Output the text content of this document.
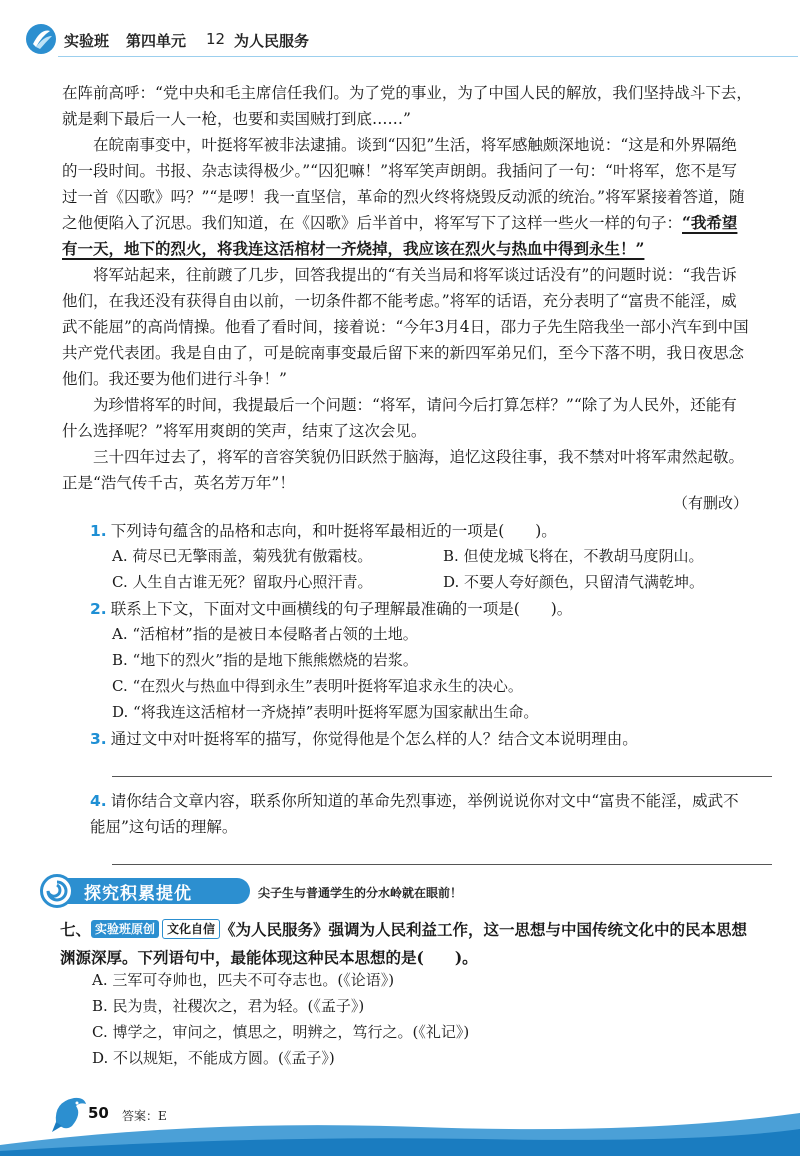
实验班 第四单元 12 为人民服务

在阵前高呼：“党中央和毛主席信任我们。为了党的事业，为了中国人民的解放，我们坚持战斗下去，就是剩下最后一人一枪，也要和卖国贼打到底……”

在皖南事变中，叶挺将军被非法逮捕。谈到“囚犯”生活，将军感触颇深地说：“这是和外界隔绝的一段时间。书报、杂志读得极少。”“囚犯嘛！”将军笑声朗朗。我插问了一句：“叶将军，您不是写过一首《囚歌》吗？”“是啰！我一直坚信，革命的烈火终将烧毁反动派的统治。”将军紧接着答道，随之他便陷入了沉思。我们知道，在《囚歌》后半首中，将军写下了这样一些火一样的句子：“我希望有一天，地下的烈火，将我连这活棺材一齐烧掉，我应该在烈火与热血中得到永生！”

将军站起来，往前踱了几步，回答我提出的“有关当局和将军谈过话没有”的问题时说：“我告诉他们，在我还没有获得自由以前，一切条件都不能考虑。”将军的话语，充分表明了“富贵不能淫，威武不能屈”的高尚情操。他看了看时间，接着说：“今年3月4日，邵力子先生陪我坐一部小汽车到中国共产党代表团。我是自由了，可是皖南事变最后留下来的新四军弟兄们，至今下落不明，我日夜思念他们。我还要为他们进行斗争！”

为珍惜将军的时间，我提最后一个问题：“将军，请问今后打算怎样？”“除了为人民外，还能有什么选择呢？”将军用爽朗的笑声，结束了这次会见。

三十四年过去了，将军的音容笑貌仍旧跃然于脑海，追忆这段往事，我不禁对叶将军肃然起敬。正是“浩气传千古，英名芳万年”！

（有删改）
1. 下列诗句蕴含的品格和志向，和叶挺将军最相近的一项是(　　)。
A. 荷尽已无擎雨盖，菊残犹有傲霜枝。	B. 但使龙城飞将在，不教胡马度阴山。
C. 人生自古谁无死？留取丹心照汗青。	D. 不要人夸好颜色，只留清气满乾坤。
2. 联系上下文，下面对文中画横线的句子理解最准确的一项是(　　)。
A. “活棺材”指的是被日本侵略者占领的土地。
B. “地下的烈火”指的是地下熊熊燃烧的岩浆。
C. “在烈火与热血中得到永生”表明叶挺将军追求永生的决心。
D. “将我连这活棺材一齐烧掉”表明叶挺将军愿为国家献出生命。
3. 通过文中对叶挺将军的描写，你觉得他是个怎么样的人？结合文本说明理由。
4. 请你结合文章内容，联系你所知道的革命先烈事迹，举例说说你对文中“富贵不能淫，威武不能屈”这句话的理解。
探究积累提优	尖子生与普通学生的分水岭就在眼前！
七、 实验班原创 文化自信 《为人民服务》强调为人民利益工作，这一思想与中国传统文化中的民本思想渊源深厚。下列语句中，最能体现这种民本思想的是(　　)。
A. 三军可夺帅也，匹夫不可夺志也。(《论语》)
B. 民为贵，社稷次之，君为轻。(《孟子》)
C. 博学之，审问之，慎思之，明辨之，笃行之。(《礼记》)
D. 不以规矩，不能成方圆。(《孟子》)
50 答案：E
